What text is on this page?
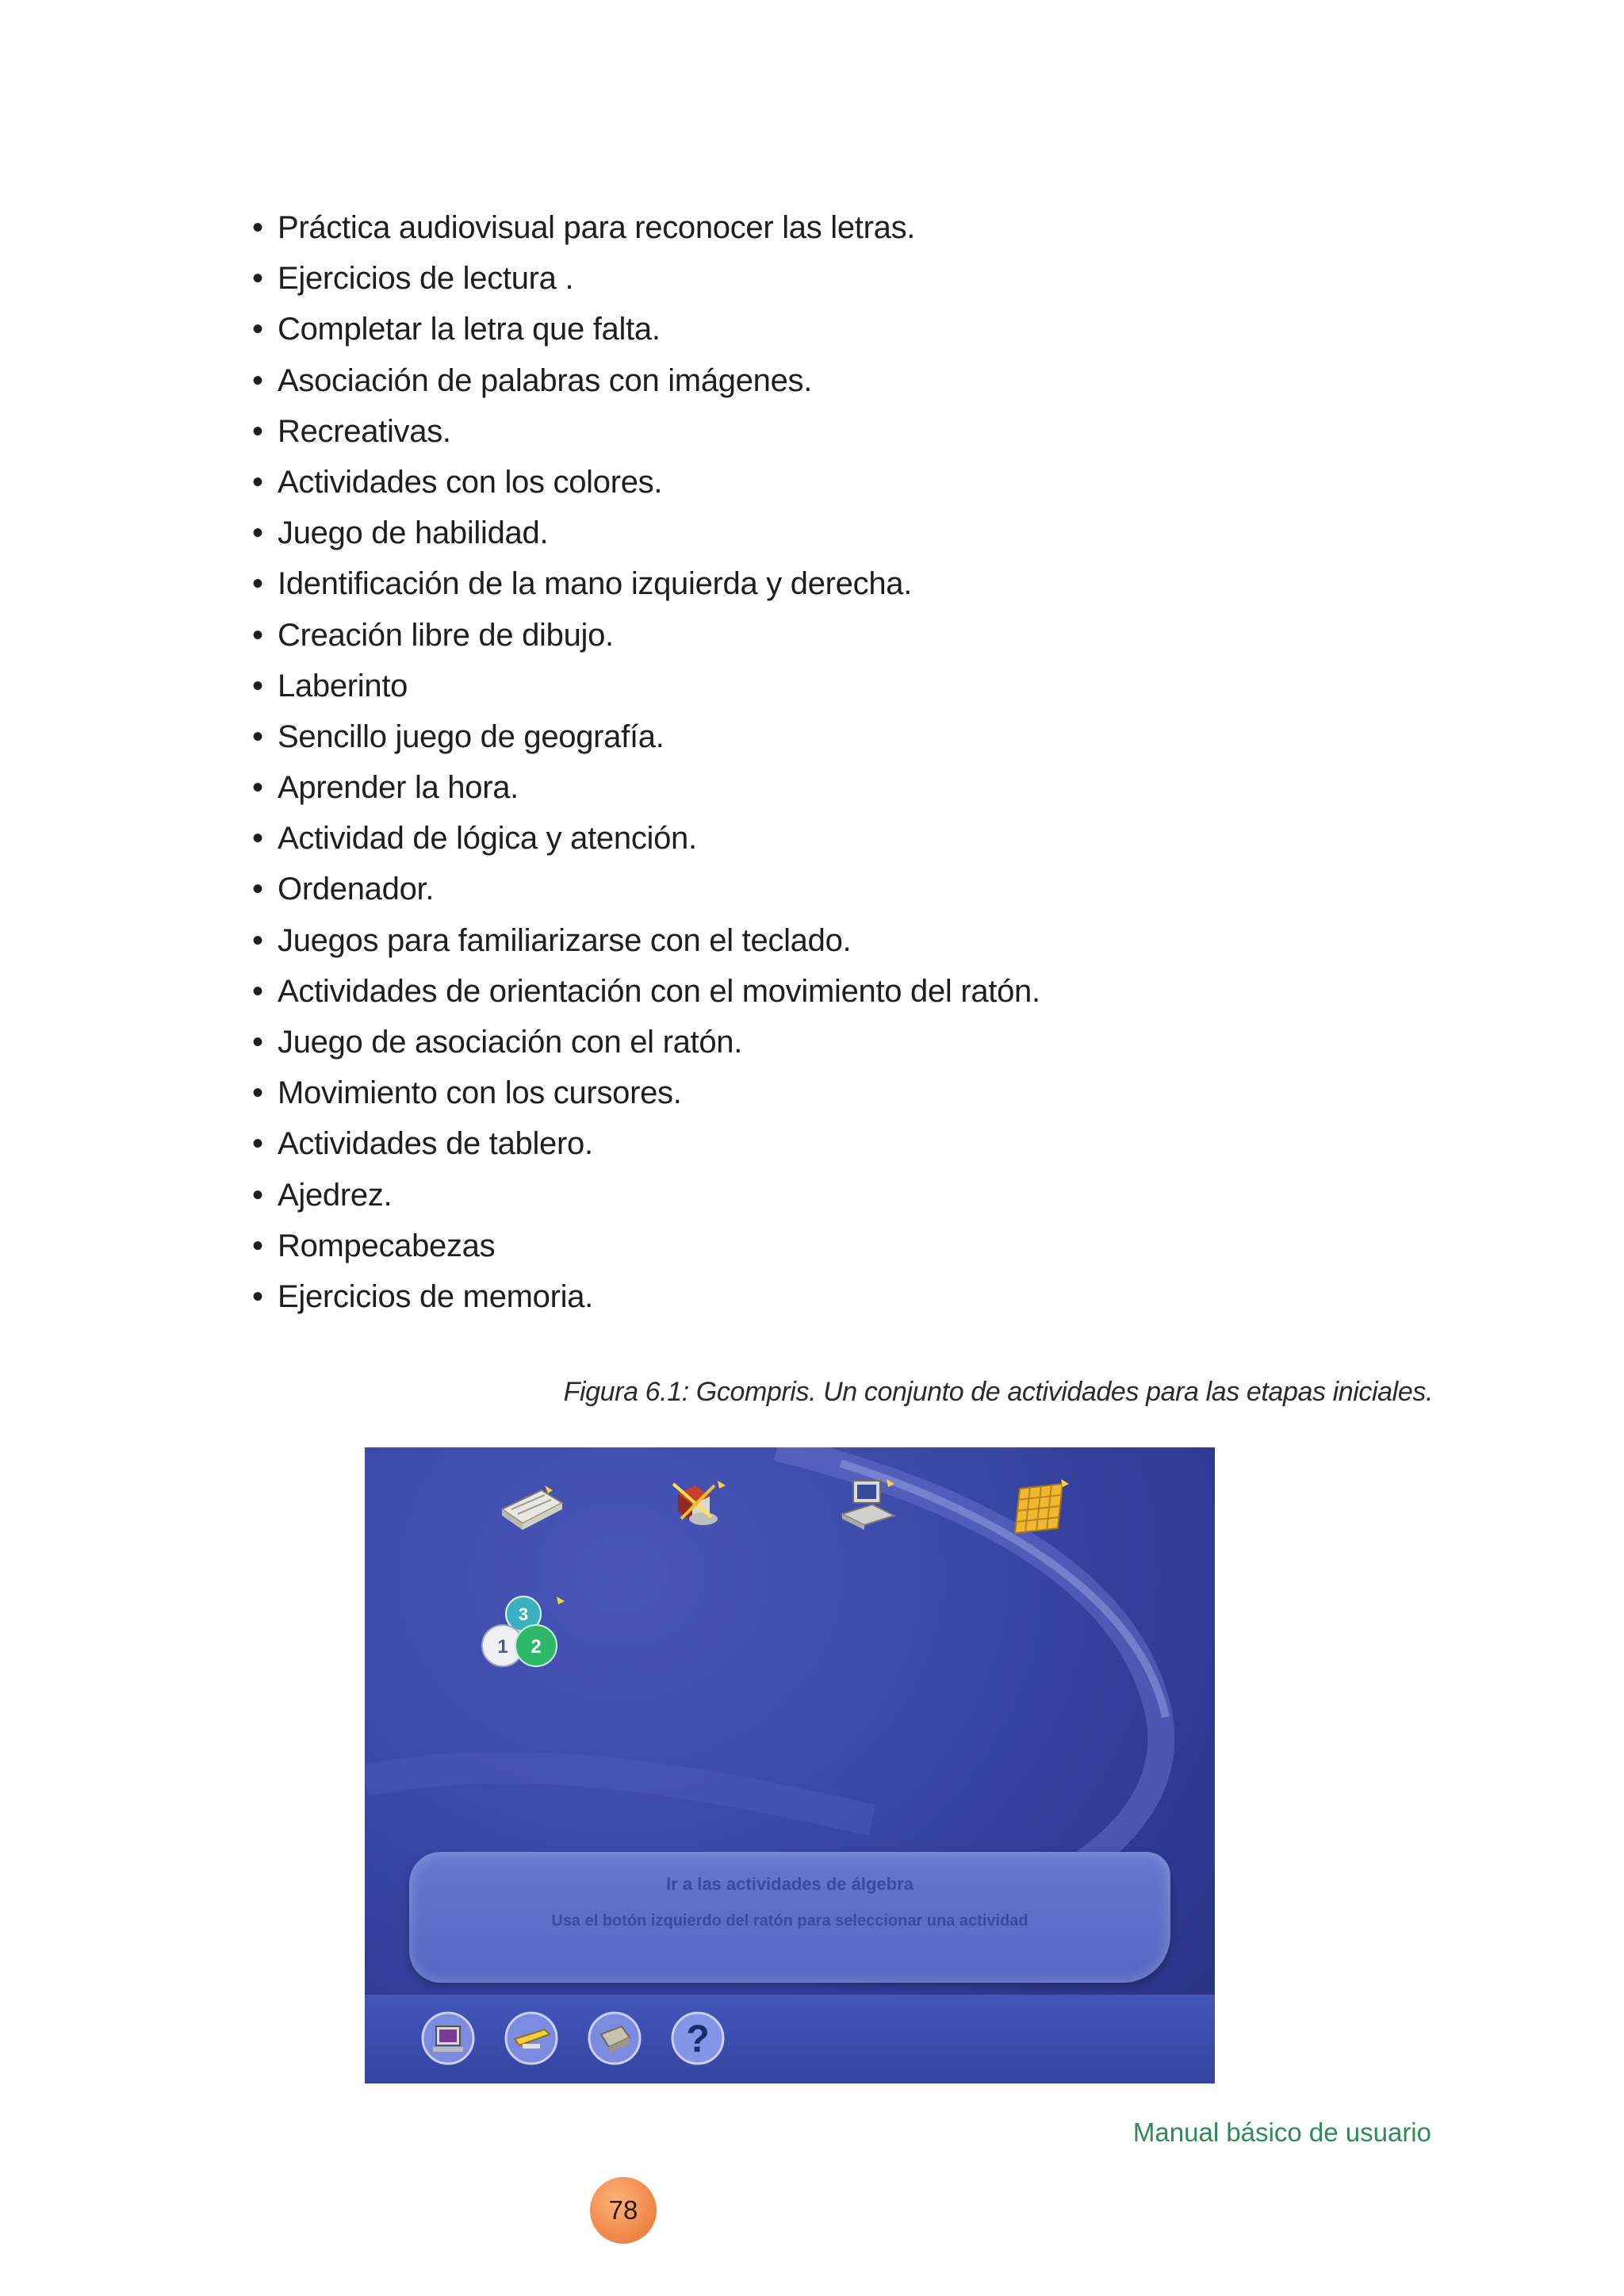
• Práctica audiovisual para reconocer las letras.
• Ejercicios de lectura .
• Completar la letra que falta.
• Asociación de palabras con imágenes.
• Recreativas.
• Actividades con los colores.
• Juego de habilidad.
• Identificación de la mano izquierda y derecha.
• Creación libre de dibujo.
• Laberinto
• Sencillo juego de geografía.
• Aprender la hora.
• Actividad de lógica y atención.
• Ordenador.
• Juegos para familiarizarse con el teclado.
• Actividades de orientación con el movimiento del ratón.
• Juego de asociación con el ratón.
• Movimiento con los cursores.
• Actividades de tablero.
• Ajedrez.
• Rompecabezas
• Ejercicios de memoria.
Figura 6.1: Gcompris. Un conjunto de actividades para las etapas iniciales.
3
1 2
Ir a las actividades de álgebra
Usa el botón izquierdo del ratón para seleccionar una actividad
?
Manual básico de usuario
78
